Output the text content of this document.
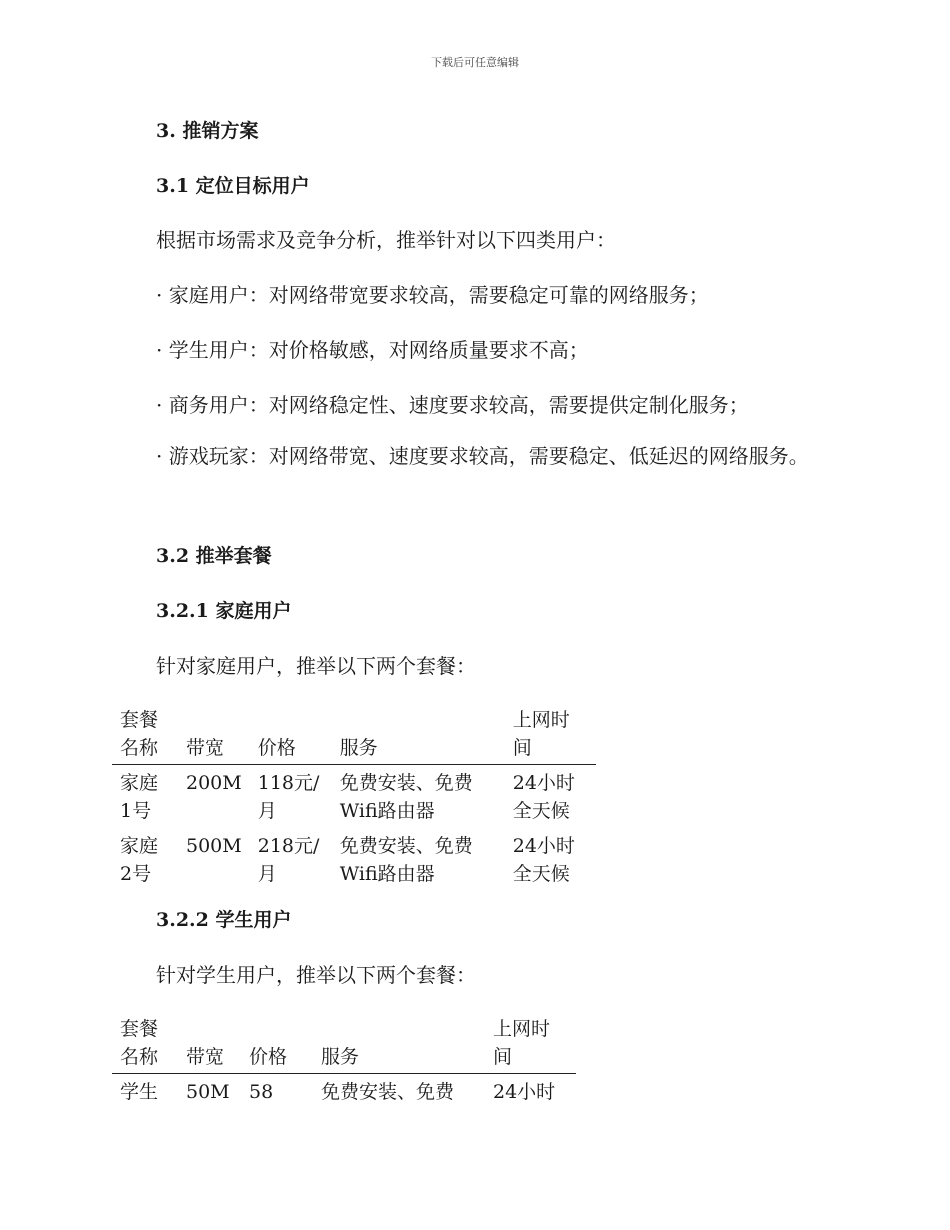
下载后可任意编辑
3. 推销方案
3.1 定位目标用户
根据市场需求及竞争分析，推举针对以下四类用户：
· 家庭用户：对网络带宽要求较高，需要稳定可靠的网络服务；
· 学生用户：对价格敏感，对网络质量要求不高；
· 商务用户：对网络稳定性、速度要求较高，需要提供定制化服务；
· 游戏玩家：对网络带宽、速度要求较高，需要稳定、低延迟的网络服务。
3.2 推举套餐
3.2.1 家庭用户
针对家庭用户，推举以下两个套餐：
套餐名称	带宽	价格	服务	上网时间
家庭1号	200M	118元/月	免费安装、免费Wifi路由器	24小时全天候
家庭2号	500M	218元/月	免费安装、免费Wifi路由器	24小时全天候
3.2.2 学生用户
针对学生用户，推举以下两个套餐：
套餐名称	带宽	价格	服务	上网时间
学生	50M	58	免费安装、免费	24小时
